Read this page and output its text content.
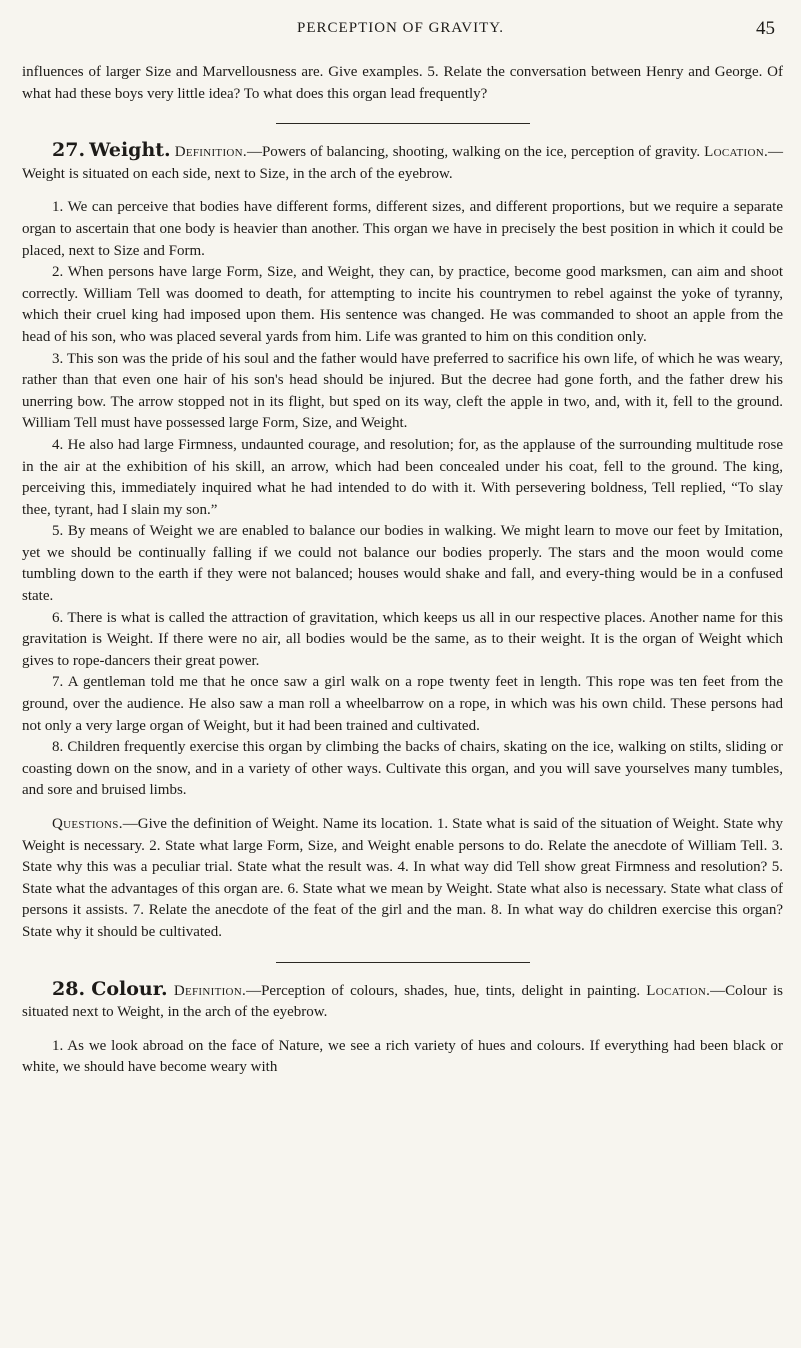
PERCEPTION OF GRAVITY.	45

influences of larger Size and Marvellousness are. Give examples. 5. Relate the conversation between Henry and George. Of what had these boys very little idea? To what does this organ lead frequently?

27. Weight. Definition.—Powers of balancing, shooting, walking on the ice, perception of gravity. Location.—Weight is situated on each side, next to Size, in the arch of the eyebrow.

1. We can perceive that bodies have different forms, different sizes, and different proportions, but we require a separate organ to ascertain that one body is heavier than another. This organ we have in precisely the best position in which it could be placed, next to Size and Form.

2. When persons have large Form, Size, and Weight, they can, by practice, become good marksmen, can aim and shoot correctly. William Tell was doomed to death, for attempting to incite his countrymen to rebel against the yoke of tyranny, which their cruel king had imposed upon them. His sentence was changed. He was commanded to shoot an apple from the head of his son, who was placed several yards from him. Life was granted to him on this condition only.

3. This son was the pride of his soul and the father would have preferred to sacrifice his own life, of which he was weary, rather than that even one hair of his son's head should be injured. But the decree had gone forth, and the father drew his unerring bow. The arrow stopped not in its flight, but sped on its way, cleft the apple in two, and, with it, fell to the ground. William Tell must have possessed large Form, Size, and Weight.

4. He also had large Firmness, undaunted courage, and resolution; for, as the applause of the surrounding multitude rose in the air at the exhibition of his skill, an arrow, which had been concealed under his coat, fell to the ground. The king, perceiving this, immediately inquired what he had intended to do with it. With persevering boldness, Tell replied, “To slay thee, tyrant, had I slain my son.”

5. By means of Weight we are enabled to balance our bodies in walking. We might learn to move our feet by Imitation, yet we should be continually falling if we could not balance our bodies properly. The stars and the moon would come tumbling down to the earth if they were not balanced; houses would shake and fall, and every-thing would be in a confused state.

6. There is what is called the attraction of gravitation, which keeps us all in our respective places. Another name for this gravitation is Weight. If there were no air, all bodies would be the same, as to their weight. It is the organ of Weight which gives to rope-dancers their great power.

7. A gentleman told me that he once saw a girl walk on a rope twenty feet in length. This rope was ten feet from the ground, over the audience. He also saw a man roll a wheelbarrow on a rope, in which was his own child. These persons had not only a very large organ of Weight, but it had been trained and cultivated.

8. Children frequently exercise this organ by climbing the backs of chairs, skating on the ice, walking on stilts, sliding or coasting down on the snow, and in a variety of other ways. Cultivate this organ, and you will save yourselves many tumbles, and sore and bruised limbs.

Questions.—Give the definition of Weight. Name its location. 1. State what is said of the situation of Weight. State why Weight is necessary. 2. State what large Form, Size, and Weight enable persons to do. Relate the anecdote of William Tell. 3. State why this was a peculiar trial. State what the result was. 4. In what way did Tell show great Firmness and resolution? 5. State what the advantages of this organ are. 6. State what we mean by Weight. State what also is necessary. State what class of persons it assists. 7. Relate the anecdote of the feat of the girl and the man. 8. In what way do children exercise this organ? State why it should be cultivated.

28. Colour. Definition.—Perception of colours, shades, hue, tints, delight in painting. Location.—Colour is situated next to Weight, in the arch of the eyebrow.

1. As we look abroad on the face of Nature, we see a rich variety of hues and colours. If everything had been black or white, we should have become weary with
